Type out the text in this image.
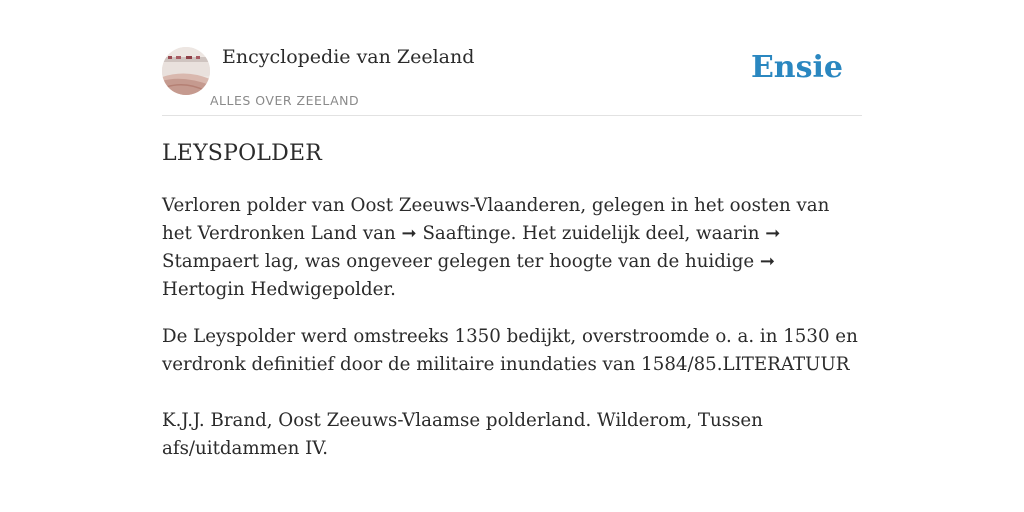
Encyclopedie van Zeeland
ALLES OVER ZEELAND
Ensie
LEYSPOLDER

Verloren polder van Oost Zeeuws-Vlaanderen, gelegen in het oosten van het Verdronken Land van ➞ Saaftinge. Het zuidelijk deel, waarin ➞ Stampaert lag, was ongeveer gelegen ter hoogte van de huidige ➞ Hertogin Hedwigepolder.

De Leyspolder werd omstreeks 1350 bedijkt, overstroomde o. a. in 1530 en verdronk definitief door de militaire inundaties van 1584/85.LITERATUUR

K.J.J. Brand, Oost Zeeuws-Vlaamse polderland. Wilderom, Tussen afs/uitdammen IV.
